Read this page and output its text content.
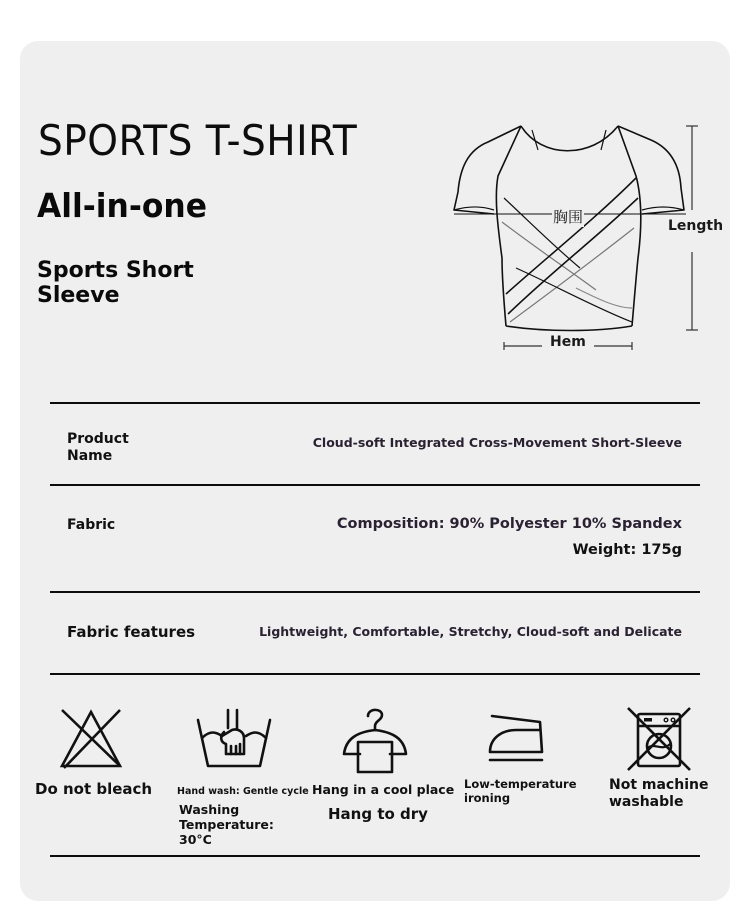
SPORTS T-SHIRT
All-in-one
Sports Short Sleeve
胸围	Length
Hem
Product Name
Cloud-soft Integrated Cross-Movement Short-Sleeve
Fabric	Composition: 90% Polyester 10% Spandex
Weight: 175g
Fabric features	Lightweight, Comfortable, Stretchy, Cloud-soft and Delicate
Do not bleach	Hand wash: Gentle cycle
Washing Temperature: 30°C
Hang in a cool place
Hang to dry
Low-temperature ironing
Not machine washable
